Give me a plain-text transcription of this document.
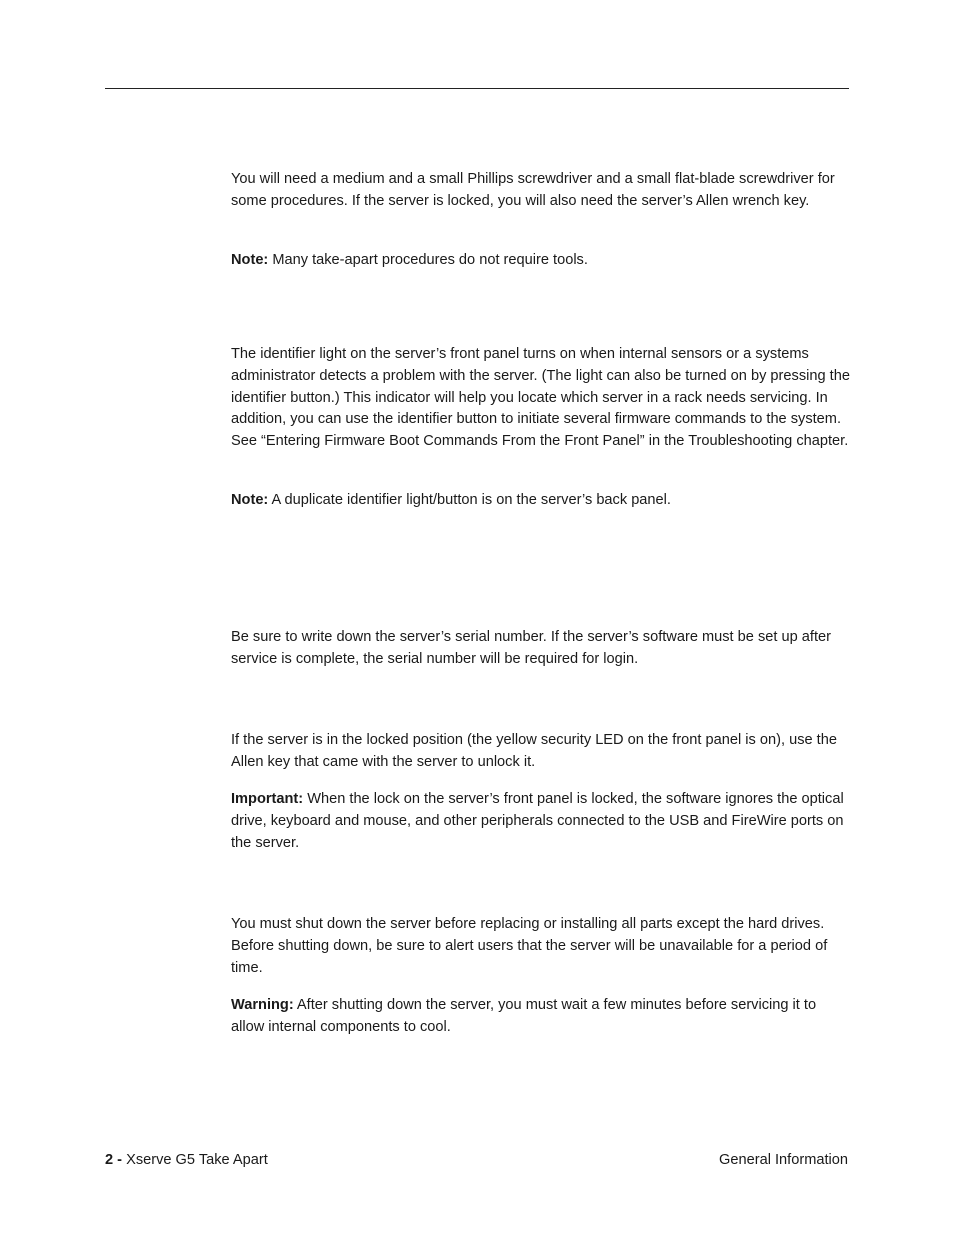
You will need a medium and a small Phillips screwdriver and a small flat-blade screwdriver for some procedures. If the server is locked, you will also need the server’s Allen wrench key.

Note: Many take-apart procedures do not require tools.

The identifier light on the server’s front panel turns on when internal sensors or a systems administrator detects a problem with the server. (The light can also be turned on by pressing the identifier button.) This indicator will help you locate which server in a rack needs servicing. In addition, you can use the identifier button to initiate several firmware commands to the system. See “Entering Firmware Boot Commands From the Front Panel” in the Troubleshooting chapter.

Note: A duplicate identifier light/button is on the server’s back panel.

Be sure to write down the server’s serial number. If the server’s software must be set up after service is complete, the serial number will be required for login.

If the server is in the locked position (the yellow security LED on the front panel is on), use the Allen key that came with the server to unlock it.

Important: When the lock on the server’s front panel is locked, the software ignores the optical drive, keyboard and mouse, and other peripherals connected to the USB and FireWire ports on the server.

You must shut down the server before replacing or installing all parts except the hard drives. Before shutting down, be sure to alert users that the server will be unavailable for a period of time.

Warning: After shutting down the server, you must wait a few minutes before servicing it to allow internal components to cool.

2 - Xserve G5 Take Apart	General Information
